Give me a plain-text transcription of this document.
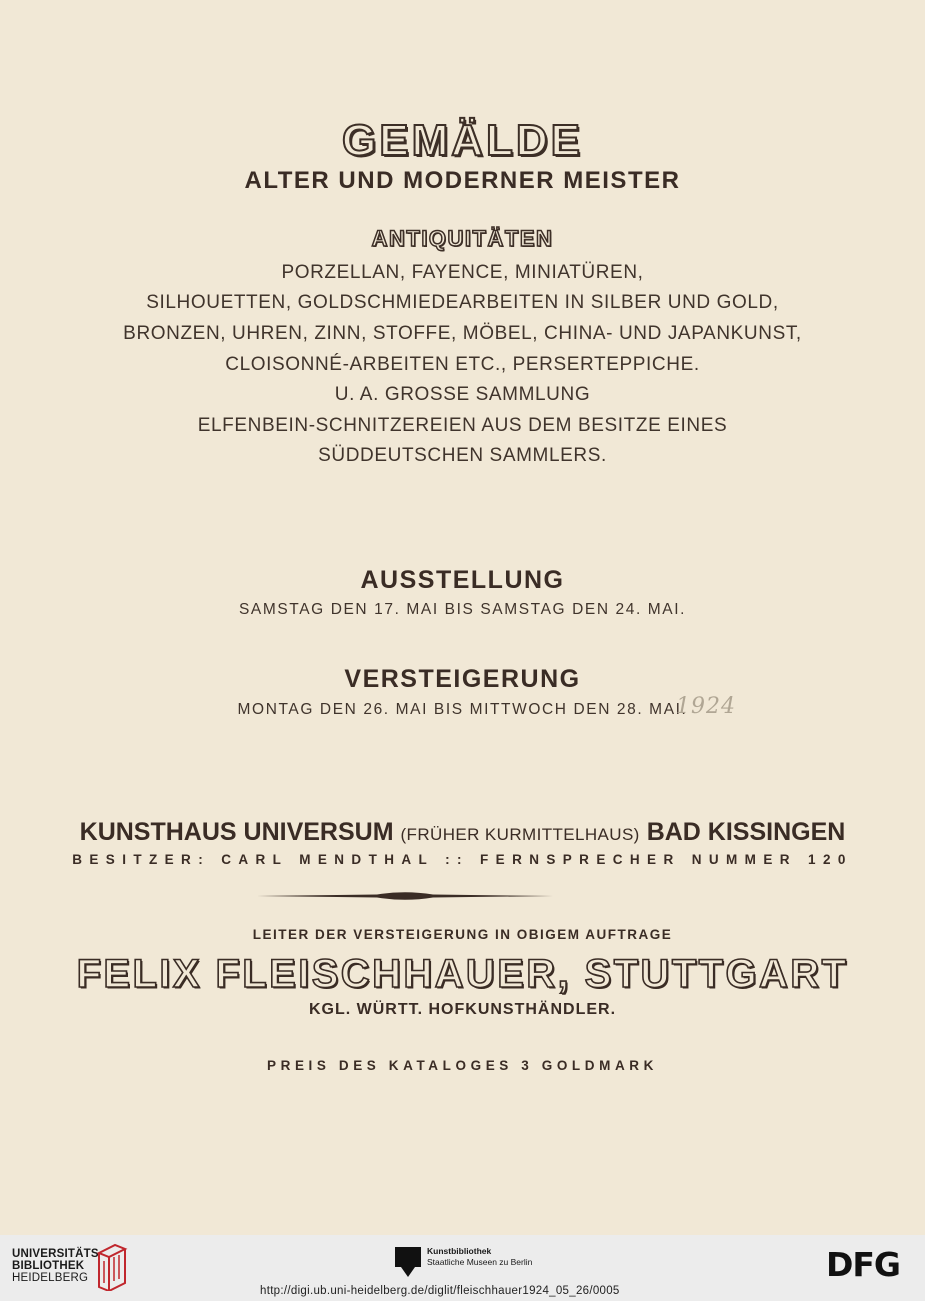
GEMÄLDE
ALTER UND MODERNER MEISTER
ANTIQUITÄTEN
PORZELLAN, FAYENCE, MINIATÜREN,
SILHOUETTEN, GOLDSCHMIEDEARBEITEN IN SILBER UND GOLD,
BRONZEN, UHREN, ZINN, STOFFE, MÖBEL, CHINA- UND JAPANKUNST,
CLOISONNÉ-ARBEITEN ETC., PERSERTEPPICHE.
U. A. GROSSE SAMMLUNG
ELFENBEIN-SCHNITZEREIEN AUS DEM BESITZE EINES
SÜDDEUTSCHEN SAMMLERS.
AUSSTELLUNG
SAMSTAG DEN 17. MAI BIS SAMSTAG DEN 24. MAI.
VERSTEIGERUNG
MONTAG DEN 26. MAI BIS MITTWOCH DEN 28. MAI.
1924
KUNSTHAUS UNIVERSUM (FRÜHER KURMITTELHAUS) BAD KISSINGEN
BESITZER: CARL MENDTHAL :: FERNSPRECHER NUMMER 120
LEITER DER VERSTEIGERUNG IN OBIGEM AUFTRAGE
FELIX FLEISCHHAUER, STUTTGART
KGL. WÜRTT. HOFKUNSTHÄNDLER.
PREIS DES KATALOGES 3 GOLDMARK
UNIVERSITÄTS-
BIBLIOTHEK
HEIDELBERG
Kunstbibliothek
Staatliche Museen zu Berlin	DFG
http://digi.ub.uni-heidelberg.de/diglit/fleischhauer1924_05_26/0005
